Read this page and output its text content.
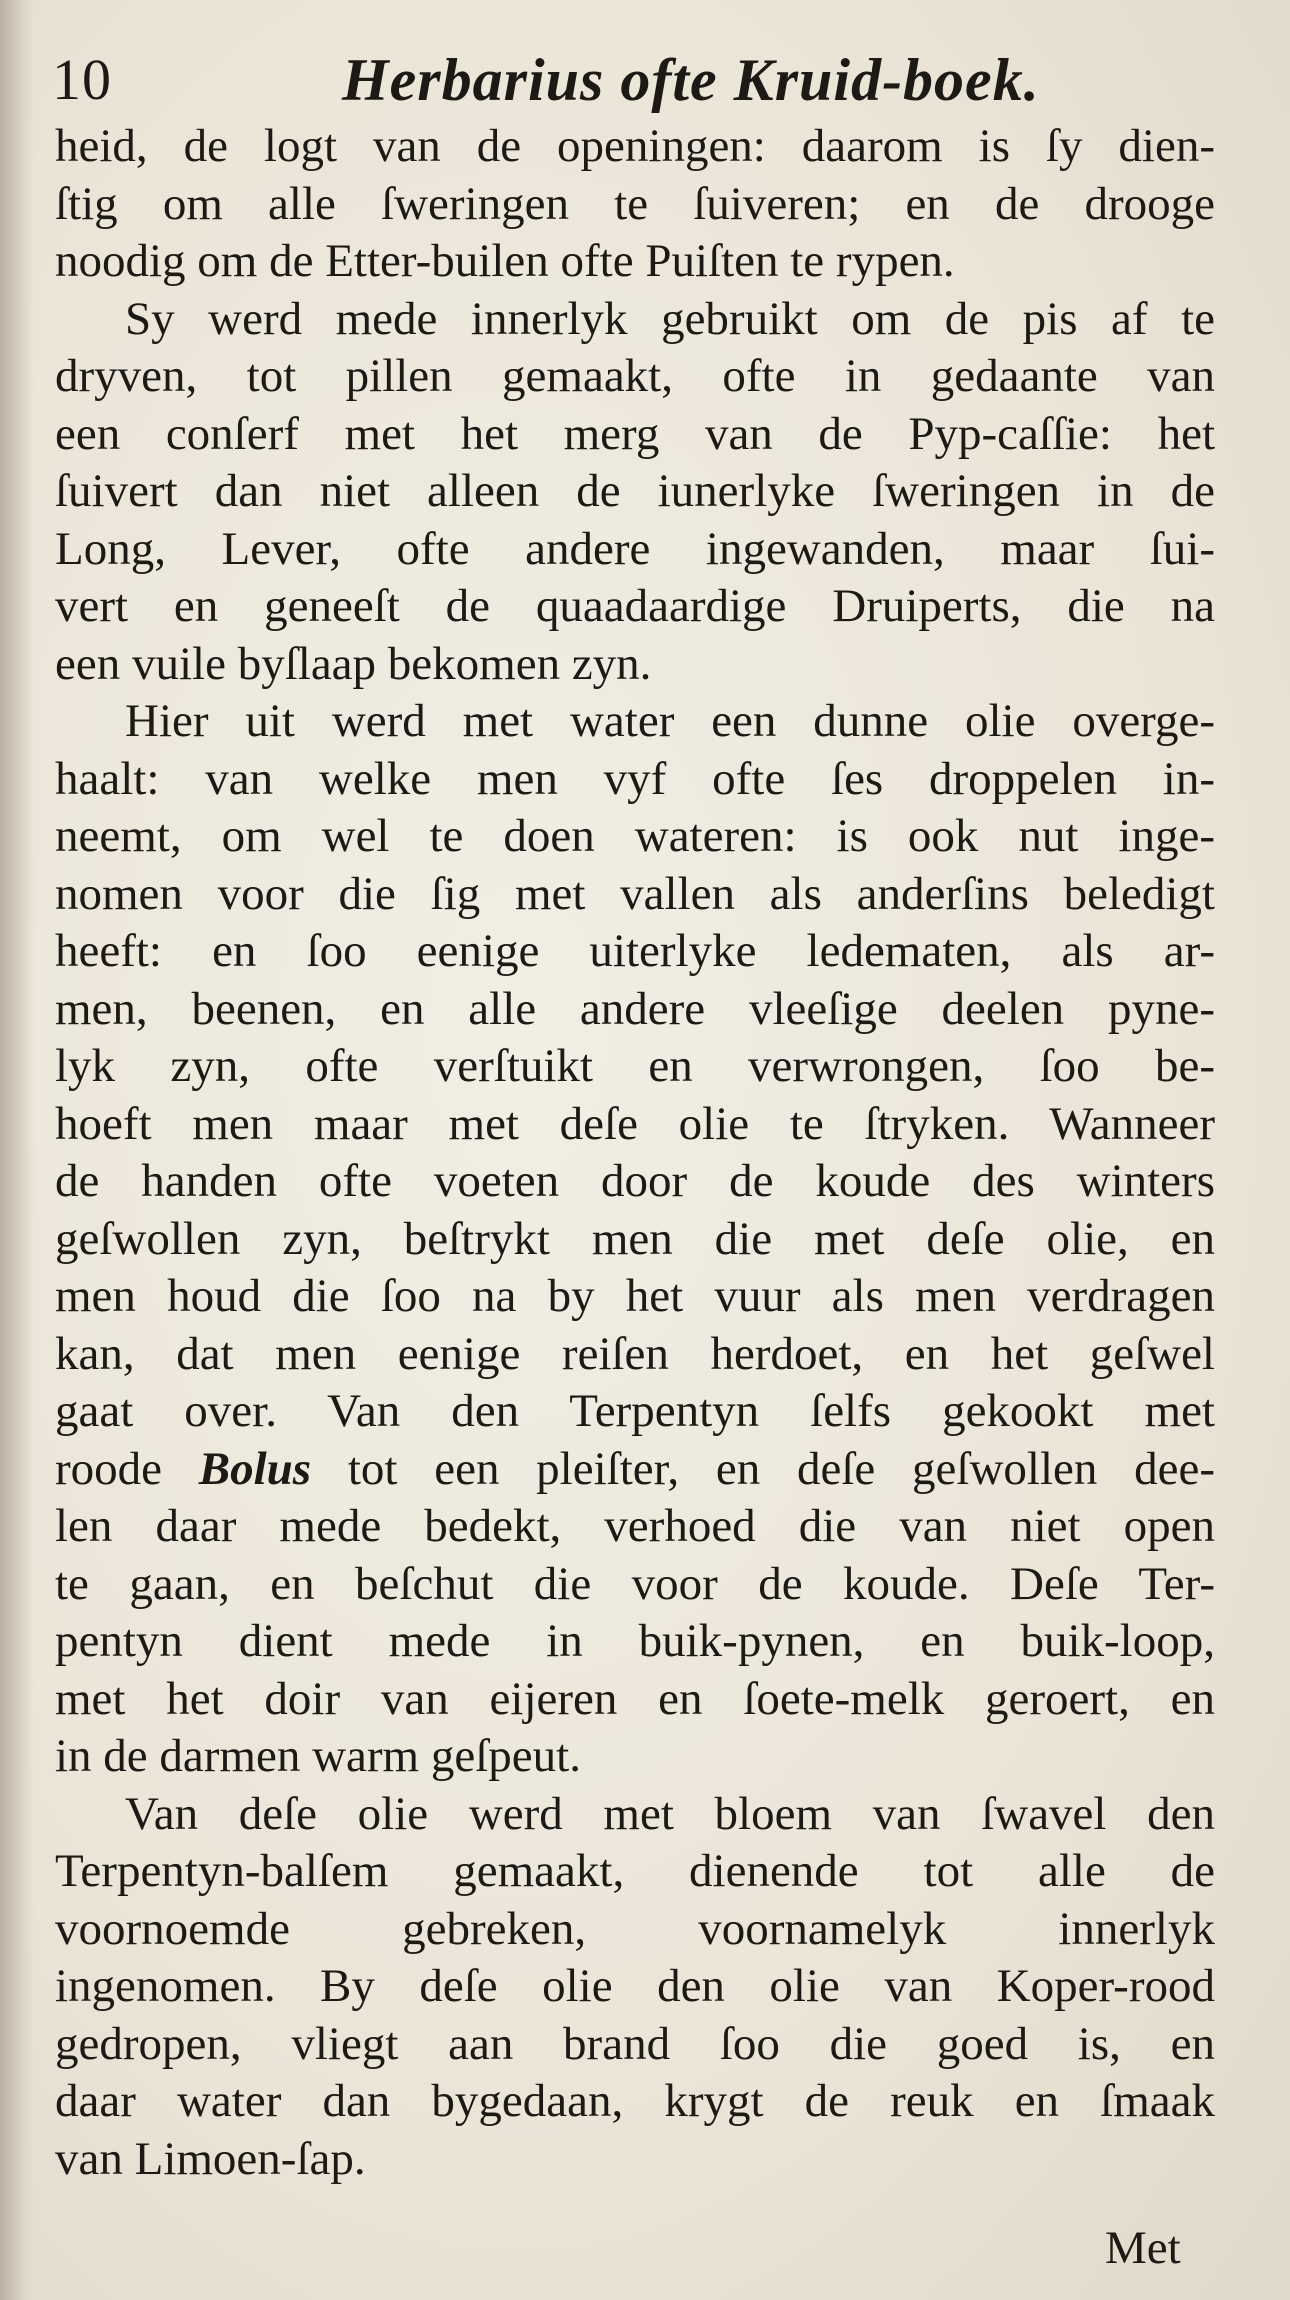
10	Herbarius ofte Kruid-boek.
heid, de logt van de openingen: daarom is ſy dien-
ſtig om alle ſweringen te ſuiveren; en de drooge
noodig om de Etter-builen ofte Puiſten te rypen.
Sy werd mede innerlyk gebruikt om de pis af te
dryven, tot pillen gemaakt, ofte in gedaante van
een conſerf met het merg van de Pyp-caſſie: het
ſuivert dan niet alleen de iunerlyke ſweringen in de
Long, Lever, ofte andere ingewanden, maar ſui-
vert en geneeſt de quaadaardige Druiperts, die na
een vuile byſlaap bekomen zyn.
Hier uit werd met water een dunne olie overge-
haalt: van welke men vyf ofte ſes droppelen in-
neemt, om wel te doen wateren: is ook nut inge-
nomen voor die ſig met vallen als anderſins beledigt
heeft: en ſoo eenige uiterlyke ledematen, als ar-
men, beenen, en alle andere vleeſige deelen pyne-
lyk zyn, ofte verſtuikt en verwrongen, ſoo be-
hoeft men maar met deſe olie te ſtryken. Wanneer
de handen ofte voeten door de koude des winters
geſwollen zyn, beſtrykt men die met deſe olie, en
men houd die ſoo na by het vuur als men verdragen
kan, dat men eenige reiſen herdoet, en het geſwel
gaat over. Van den Terpentyn ſelfs gekookt met
roode Bolus tot een pleiſter, en deſe geſwollen dee-
len daar mede bedekt, verhoed die van niet open
te gaan, en beſchut die voor de koude. Deſe Ter-
pentyn dient mede in buik-pynen, en buik-loop,
met het doir van eijeren en ſoete-melk geroert, en
in de darmen warm geſpeut.
Van deſe olie werd met bloem van ſwavel den
Terpentyn-balſem gemaakt, dienende tot alle de
voornoemde gebreken, voornamelyk innerlyk
ingenomen. By deſe olie den olie van Koper-rood
gedropen, vliegt aan brand ſoo die goed is, en
daar water dan bygedaan, krygt de reuk en ſmaak
van Limoen-ſap.
Met
